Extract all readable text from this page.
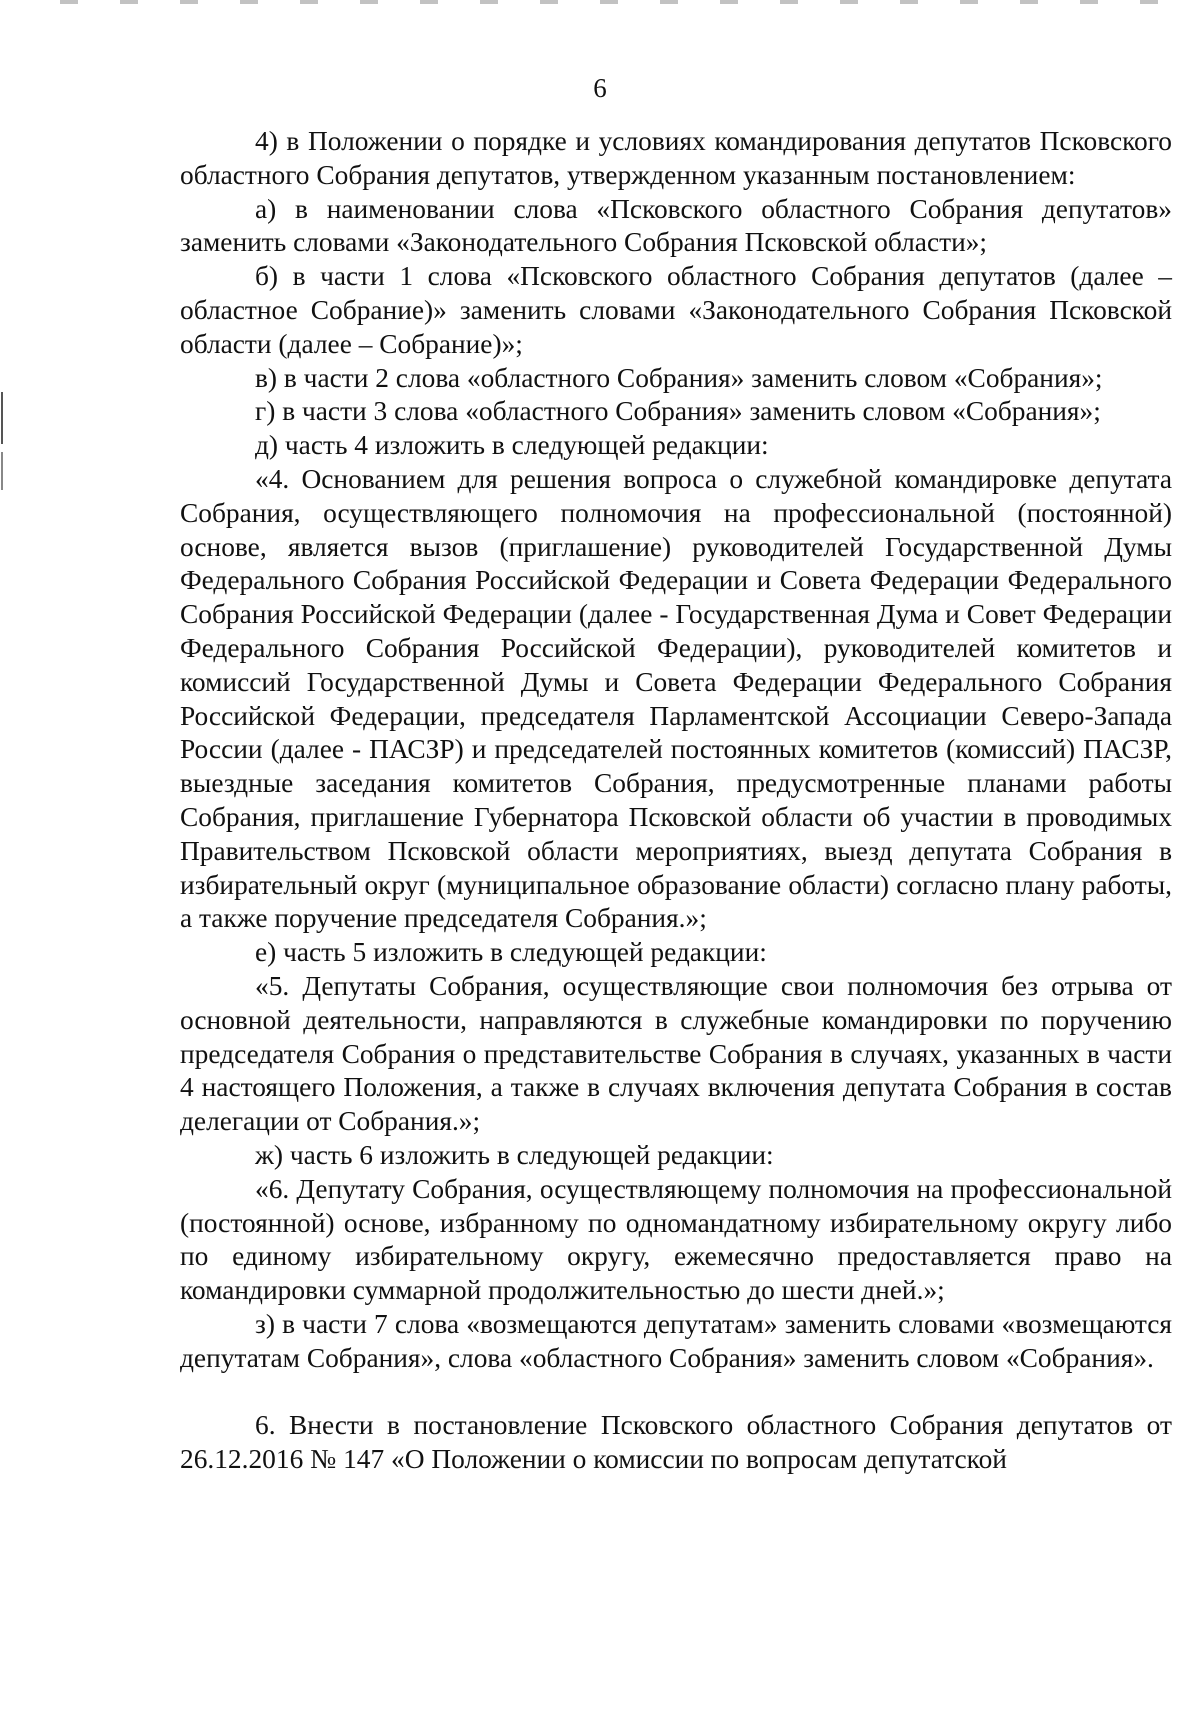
6

4) в Положении о порядке и условиях командирования депутатов Псковского областного Собрания депутатов, утвержденном указанным постановлением:

а) в наименовании слова «Псковского областного Собрания депутатов» заменить словами «Законодательного Собрания Псковской области»;

б) в части 1 слова «Псковского областного Собрания депутатов (далее – областное Собрание)» заменить словами «Законодательного Собрания Псковской области (далее – Собрание)»;

в) в части 2 слова «областного Собрания» заменить словом «Собрания»;

г) в части 3 слова «областного Собрания» заменить словом «Собрания»;

д) часть 4 изложить в следующей редакции:

«4. Основанием для решения вопроса о служебной командировке депутата Собрания, осуществляющего полномочия на профессиональной (постоянной) основе, является вызов (приглашение) руководителей Государственной Думы Федерального Собрания Российской Федерации и Совета Федерации Федерального Собрания Российской Федерации (далее - Государственная Дума и Совет Федерации Федерального Собрания Российской Федерации), руководителей комитетов и комиссий Государственной Думы и Совета Федерации Федерального Собрания Российской Федерации, председателя Парламентской Ассоциации Северо-Запада России (далее - ПАСЗР) и председателей постоянных комитетов (комиссий) ПАСЗР, выездные заседания комитетов Собрания, предусмотренные планами работы Собрания, приглашение Губернатора Псковской области об участии в проводимых Правительством Псковской области мероприятиях, выезд депутата Собрания в избирательный округ (муниципальное образование области) согласно плану работы, а также поручение председателя Собрания.»;

е) часть 5 изложить в следующей редакции:

«5. Депутаты Собрания, осуществляющие свои полномочия без отрыва от основной деятельности, направляются в служебные командировки по поручению председателя Собрания о представительстве Собрания в случаях, указанных в части 4 настоящего Положения, а также в случаях включения депутата Собрания в состав делегации от Собрания.»;

ж) часть 6 изложить в следующей редакции:

«6. Депутату Собрания, осуществляющему полномочия на профессиональной (постоянной) основе, избранному по одномандатному избирательному округу либо по единому избирательному округу, ежемесячно предоставляется право на командировки суммарной продолжительностью до шести дней.»;

з) в части 7 слова «возмещаются депутатам» заменить словами «возмещаются депутатам Собрания», слова «областного Собрания» заменить словом «Собрания».

6. Внести в постановление Псковского областного Собрания депутатов от 26.12.2016 № 147 «О Положении о комиссии по вопросам депутатской
